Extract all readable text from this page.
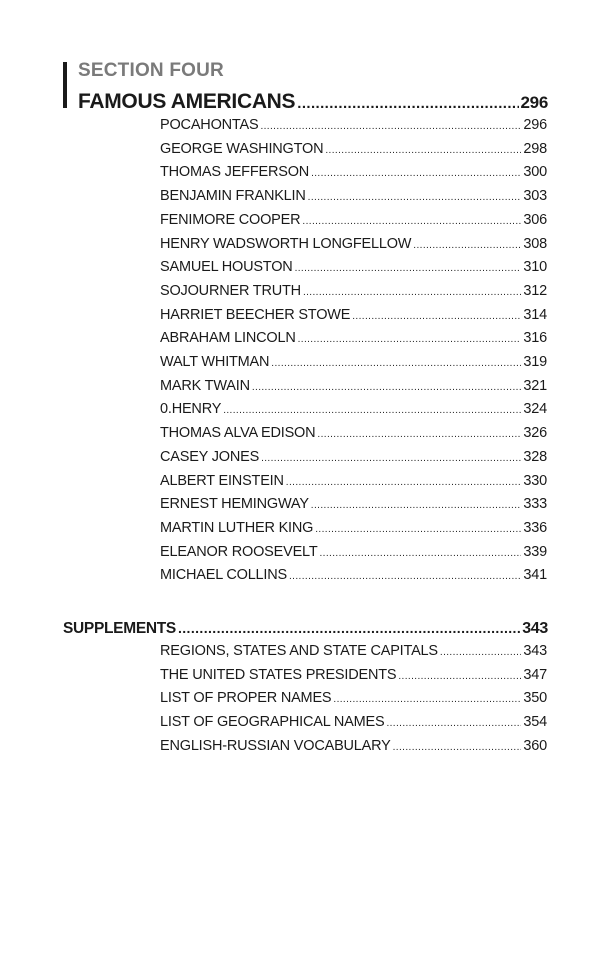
SECTION FOUR
FAMOUS AMERICANS .....	296
POCAHONTAS .....	296
GEORGE WASHINGTON .....	298
THOMAS JEFFERSON .....	300
BENJAMIN FRANKLIN .....	303
FENIMORE COOPER .....	306
HENRY WADSWORTH LONGFELLOW .....	308
SAMUEL HOUSTON .....	310
SOJOURNER TRUTH .....	312
HARRIET BEECHER STOWE .....	314
ABRAHAM LINCOLN .....	316
WALT WHITMAN .....	319
MARK TWAIN .....	321
0.HENRY .....	324
THOMAS ALVA EDISON .....	326
CASEY JONES .....	328
ALBERT EINSTEIN .....	330
ERNEST HEMINGWAY .....	333
MARTIN LUTHER KING .....	336
ELEANOR ROOSEVELT .....	339
MICHAEL COLLINS .....	341
SUPPLEMENTS .....	343
REGIONS, STATES AND STATE CAPITALS .....	343
THE UNITED STATES PRESIDENTS .....	347
LIST OF PROPER NAMES .....	350
LIST OF GEOGRAPHICAL NAMES .....	354
ENGLISH-RUSSIAN VOCABULARY .....	360
